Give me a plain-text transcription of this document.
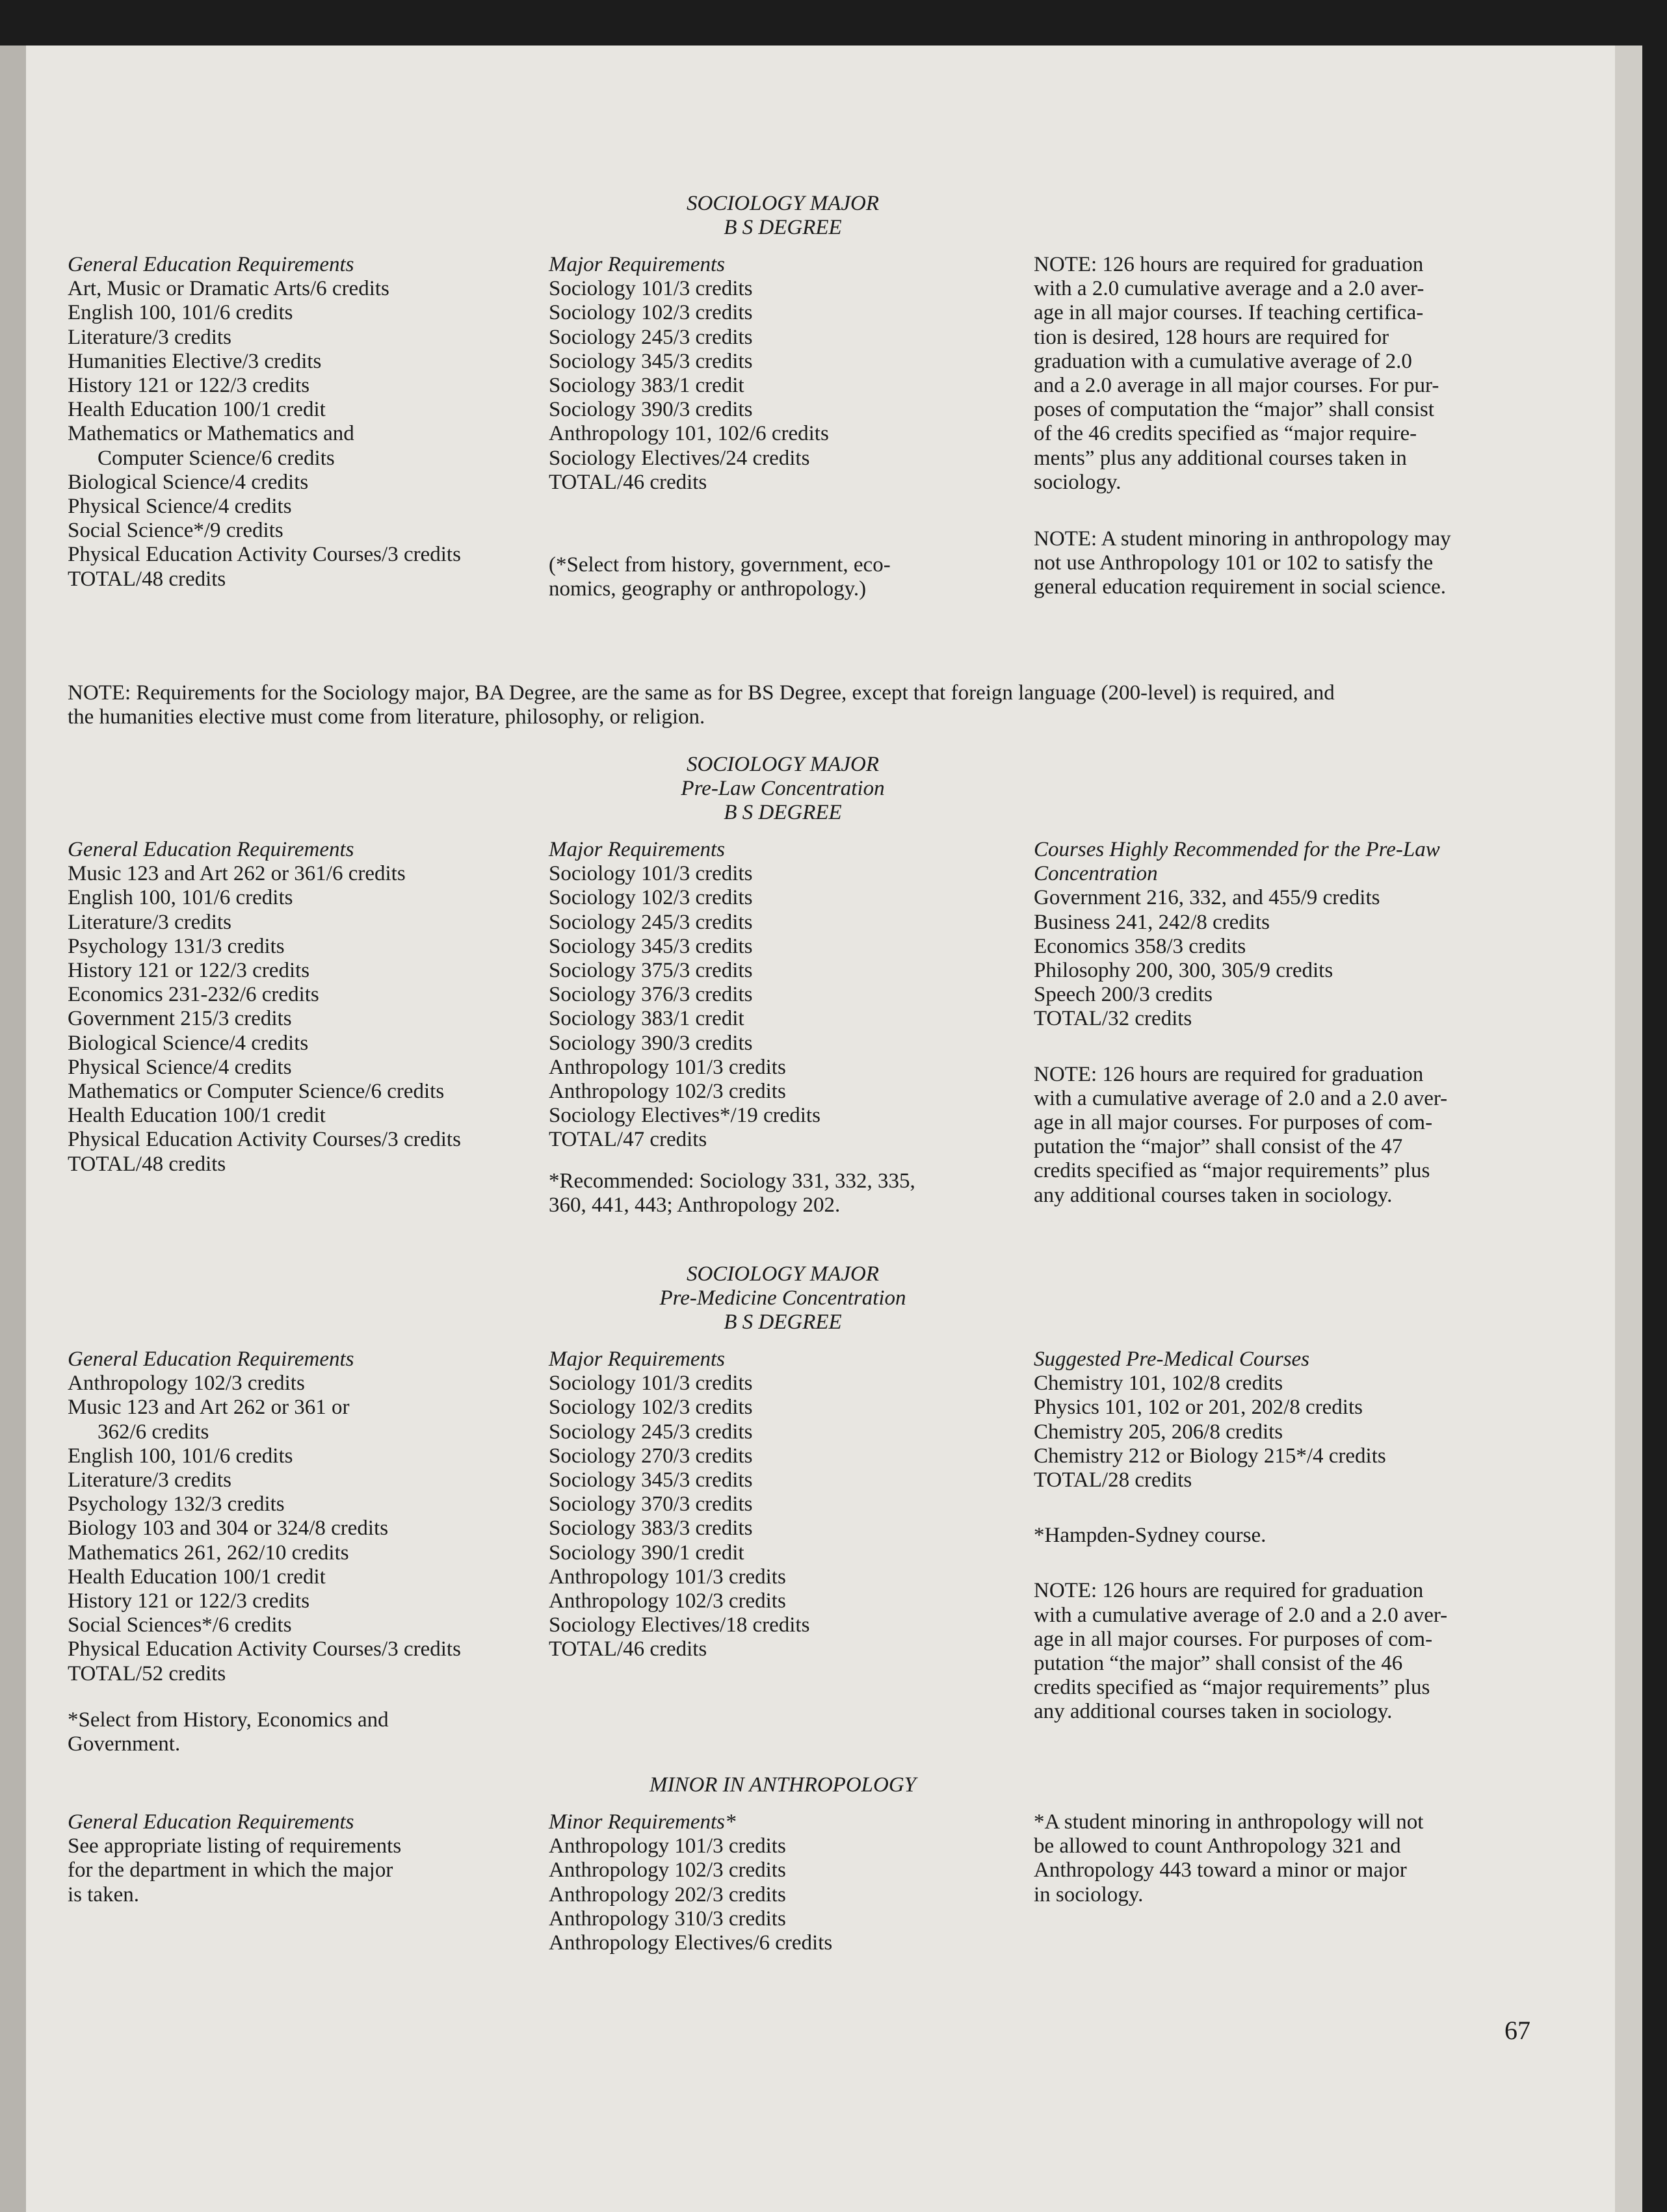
SOCIOLOGY MAJOR
B S DEGREE
General Education Requirements
Art, Music or Dramatic Arts/6 credits
English 100, 101/6 credits
Literature/3 credits
Humanities Elective/3 credits
History 121 or 122/3 credits
Health Education 100/1 credit
Mathematics or Mathematics and
Computer Science/6 credits
Biological Science/4 credits
Physical Science/4 credits
Social Science*/9 credits
Physical Education Activity Courses/3 credits
TOTAL/48 credits
Major Requirements
Sociology 101/3 credits
Sociology 102/3 credits
Sociology 245/3 credits
Sociology 345/3 credits
Sociology 383/1 credit
Sociology 390/3 credits
Anthropology 101, 102/6 credits
Sociology Electives/24 credits
TOTAL/46 credits
(*Select from history, government, eco-
nomics, geography or anthropology.)
NOTE: 126 hours are required for graduation
with a 2.0 cumulative average and a 2.0 aver-
age in all major courses. If teaching certifica-
tion is desired, 128 hours are required for
graduation with a cumulative average of 2.0
and a 2.0 average in all major courses. For pur-
poses of computation the “major” shall consist
of the 46 credits specified as “major require-
ments” plus any additional courses taken in
sociology.
NOTE: A student minoring in anthropology may
not use Anthropology 101 or 102 to satisfy the
general education requirement in social science.
NOTE: Requirements for the Sociology major, BA Degree, are the same as for BS Degree, except that foreign language (200-level) is required, and
the humanities elective must come from literature, philosophy, or religion.
SOCIOLOGY MAJOR
Pre-Law Concentration
B S DEGREE
General Education Requirements
Music 123 and Art 262 or 361/6 credits
English 100, 101/6 credits
Literature/3 credits
Psychology 131/3 credits
History 121 or 122/3 credits
Economics 231-232/6 credits
Government 215/3 credits
Biological Science/4 credits
Physical Science/4 credits
Mathematics or Computer Science/6 credits
Health Education 100/1 credit
Physical Education Activity Courses/3 credits
TOTAL/48 credits
Major Requirements
Sociology 101/3 credits
Sociology 102/3 credits
Sociology 245/3 credits
Sociology 345/3 credits
Sociology 375/3 credits
Sociology 376/3 credits
Sociology 383/1 credit
Sociology 390/3 credits
Anthropology 101/3 credits
Anthropology 102/3 credits
Sociology Electives*/19 credits
TOTAL/47 credits
*Recommended: Sociology 331, 332, 335,
360, 441, 443; Anthropology 202.
Courses Highly Recommended for the Pre-Law
Concentration
Government 216, 332, and 455/9 credits
Business 241, 242/8 credits
Economics 358/3 credits
Philosophy 200, 300, 305/9 credits
Speech 200/3 credits
TOTAL/32 credits
NOTE: 126 hours are required for graduation
with a cumulative average of 2.0 and a 2.0 aver-
age in all major courses. For purposes of com-
putation the “major” shall consist of the 47
credits specified as “major requirements” plus
any additional courses taken in sociology.
SOCIOLOGY MAJOR
Pre-Medicine Concentration
B S DEGREE
General Education Requirements
Anthropology 102/3 credits
Music 123 and Art 262 or 361 or
362/6 credits
English 100, 101/6 credits
Literature/3 credits
Psychology 132/3 credits
Biology 103 and 304 or 324/8 credits
Mathematics 261, 262/10 credits
Health Education 100/1 credit
History 121 or 122/3 credits
Social Sciences*/6 credits
Physical Education Activity Courses/3 credits
TOTAL/52 credits
*Select from History, Economics and
Government.
Major Requirements
Sociology 101/3 credits
Sociology 102/3 credits
Sociology 245/3 credits
Sociology 270/3 credits
Sociology 345/3 credits
Sociology 370/3 credits
Sociology 383/3 credits
Sociology 390/1 credit
Anthropology 101/3 credits
Anthropology 102/3 credits
Sociology Electives/18 credits
TOTAL/46 credits
Suggested Pre-Medical Courses
Chemistry 101, 102/8 credits
Physics 101, 102 or 201, 202/8 credits
Chemistry 205, 206/8 credits
Chemistry 212 or Biology 215*/4 credits
TOTAL/28 credits
*Hampden-Sydney course.
NOTE: 126 hours are required for graduation
with a cumulative average of 2.0 and a 2.0 aver-
age in all major courses. For purposes of com-
putation “the major” shall consist of the 46
credits specified as “major requirements” plus
any additional courses taken in sociology.
MINOR IN ANTHROPOLOGY
General Education Requirements
See appropriate listing of requirements
for the department in which the major
is taken.
Minor Requirements*
Anthropology 101/3 credits
Anthropology 102/3 credits
Anthropology 202/3 credits
Anthropology 310/3 credits
Anthropology Electives/6 credits
*A student minoring in anthropology will not
be allowed to count Anthropology 321 and
Anthropology 443 toward a minor or major
in sociology.
67
